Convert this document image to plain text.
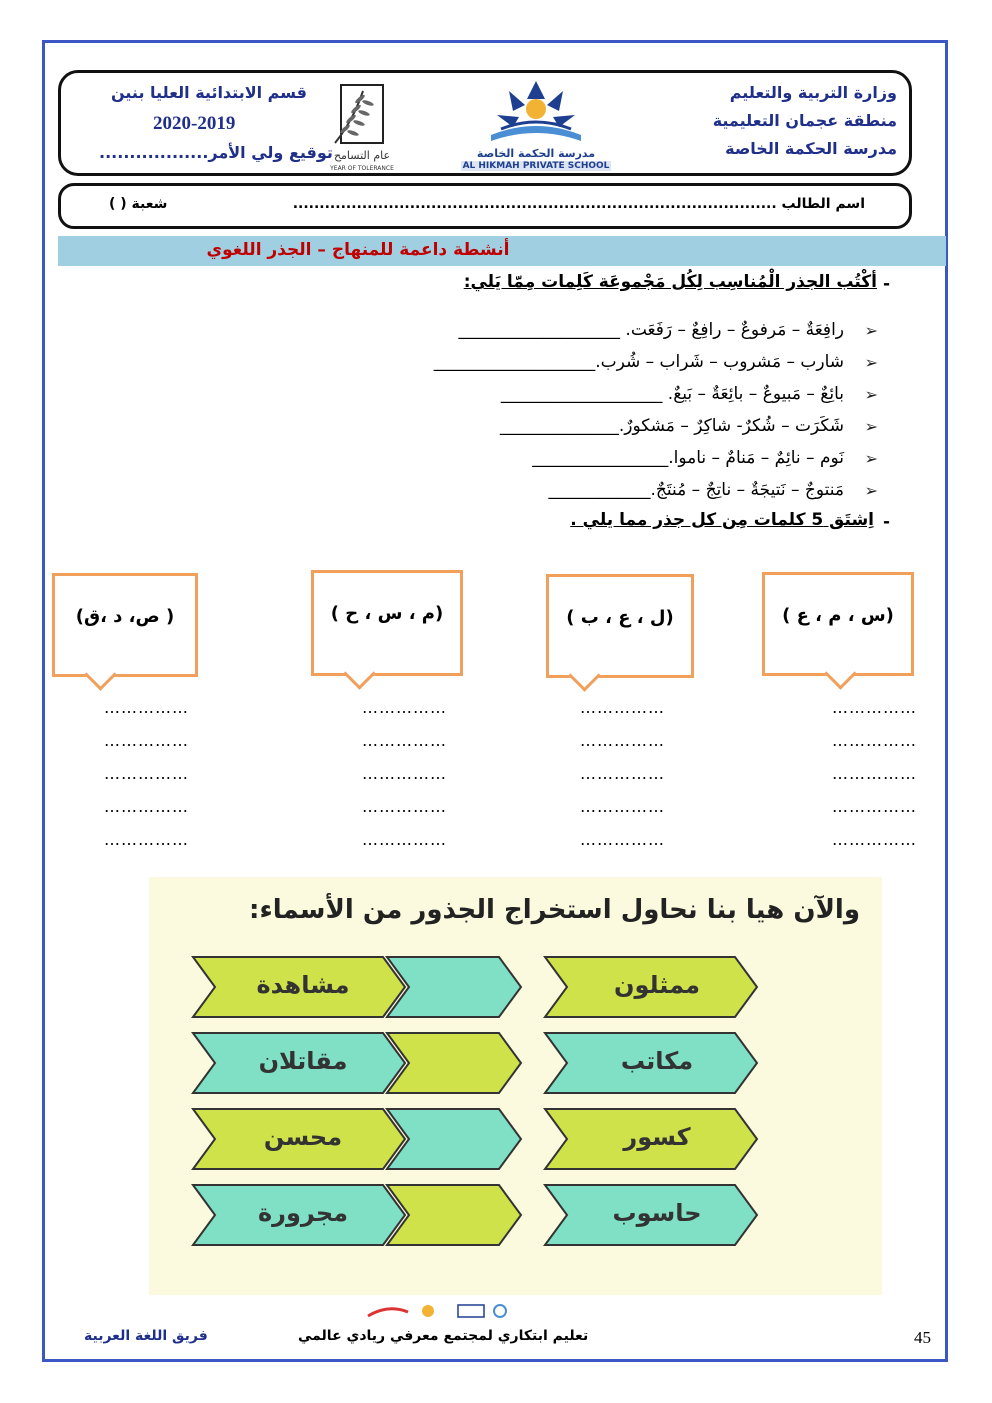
وزارة التربية والتعليم
منطقة عجمان التعليمية
مدرسة الحكمة الخاصة
مدرسة الحكمة الخاصة
AL HIKMAH PRIVATE SCHOOL
عام التسامح
YEAR OF TOLERANCE
قسم الابتدائية العليا بنين
2020-2019
توقيع ولي الأمر..................
اسم الطالب ...........................................................................................
شعبة ( )
أنشطة داعمة للمنهاج – الجذر اللغوي
-
أكْتُب الجذر الْمُناسِب لِكُل مَجْموعَة كَلِمات مِمّا يَلي:
➢
رافِعَةٌ – مَرفوعٌ – رافِعٌ – رَفَعَت. ___________________
➢
شارب – مَشروب – شَراب – شُرب.___________________
➢
بائِعٌ – مَبيوعٌ – بائِعَةٌ – بَيعٌ. ___________________
➢
شَكَرَت – شُكرٌ- شاكِرٌ – مَشكورٌ.______________
➢
نَوم – نائِمٌ – مَنامٌ – ناموا.________________
➢
مَنتوجٌ – نَتيجَةٌ – ناتِجٌ – مُنتَجٌ.____________
-
اِشتَق 5 كلمات مِن كل جذر مما يلي .
(س ، م ، ع )
(ل ، ع ، ب )
(م ، س ، ح )
( ص، د ،ق)
……………
……………
……………
……………
……………
……………
……………
……………
……………
……………
……………
……………
……………
……………
……………
……………
……………
……………
……………
……………
والآن هيا بنا نحاول استخراج الجذور من الأسماء:
ممثلون
مكاتب
كسور
حاسوب
مشاهدة
مقاتلان
محسن
مجرورة
45
تعليم ابتكاري لمجتمع معرفي ريادي عالمي
فريق اللغة العربية
